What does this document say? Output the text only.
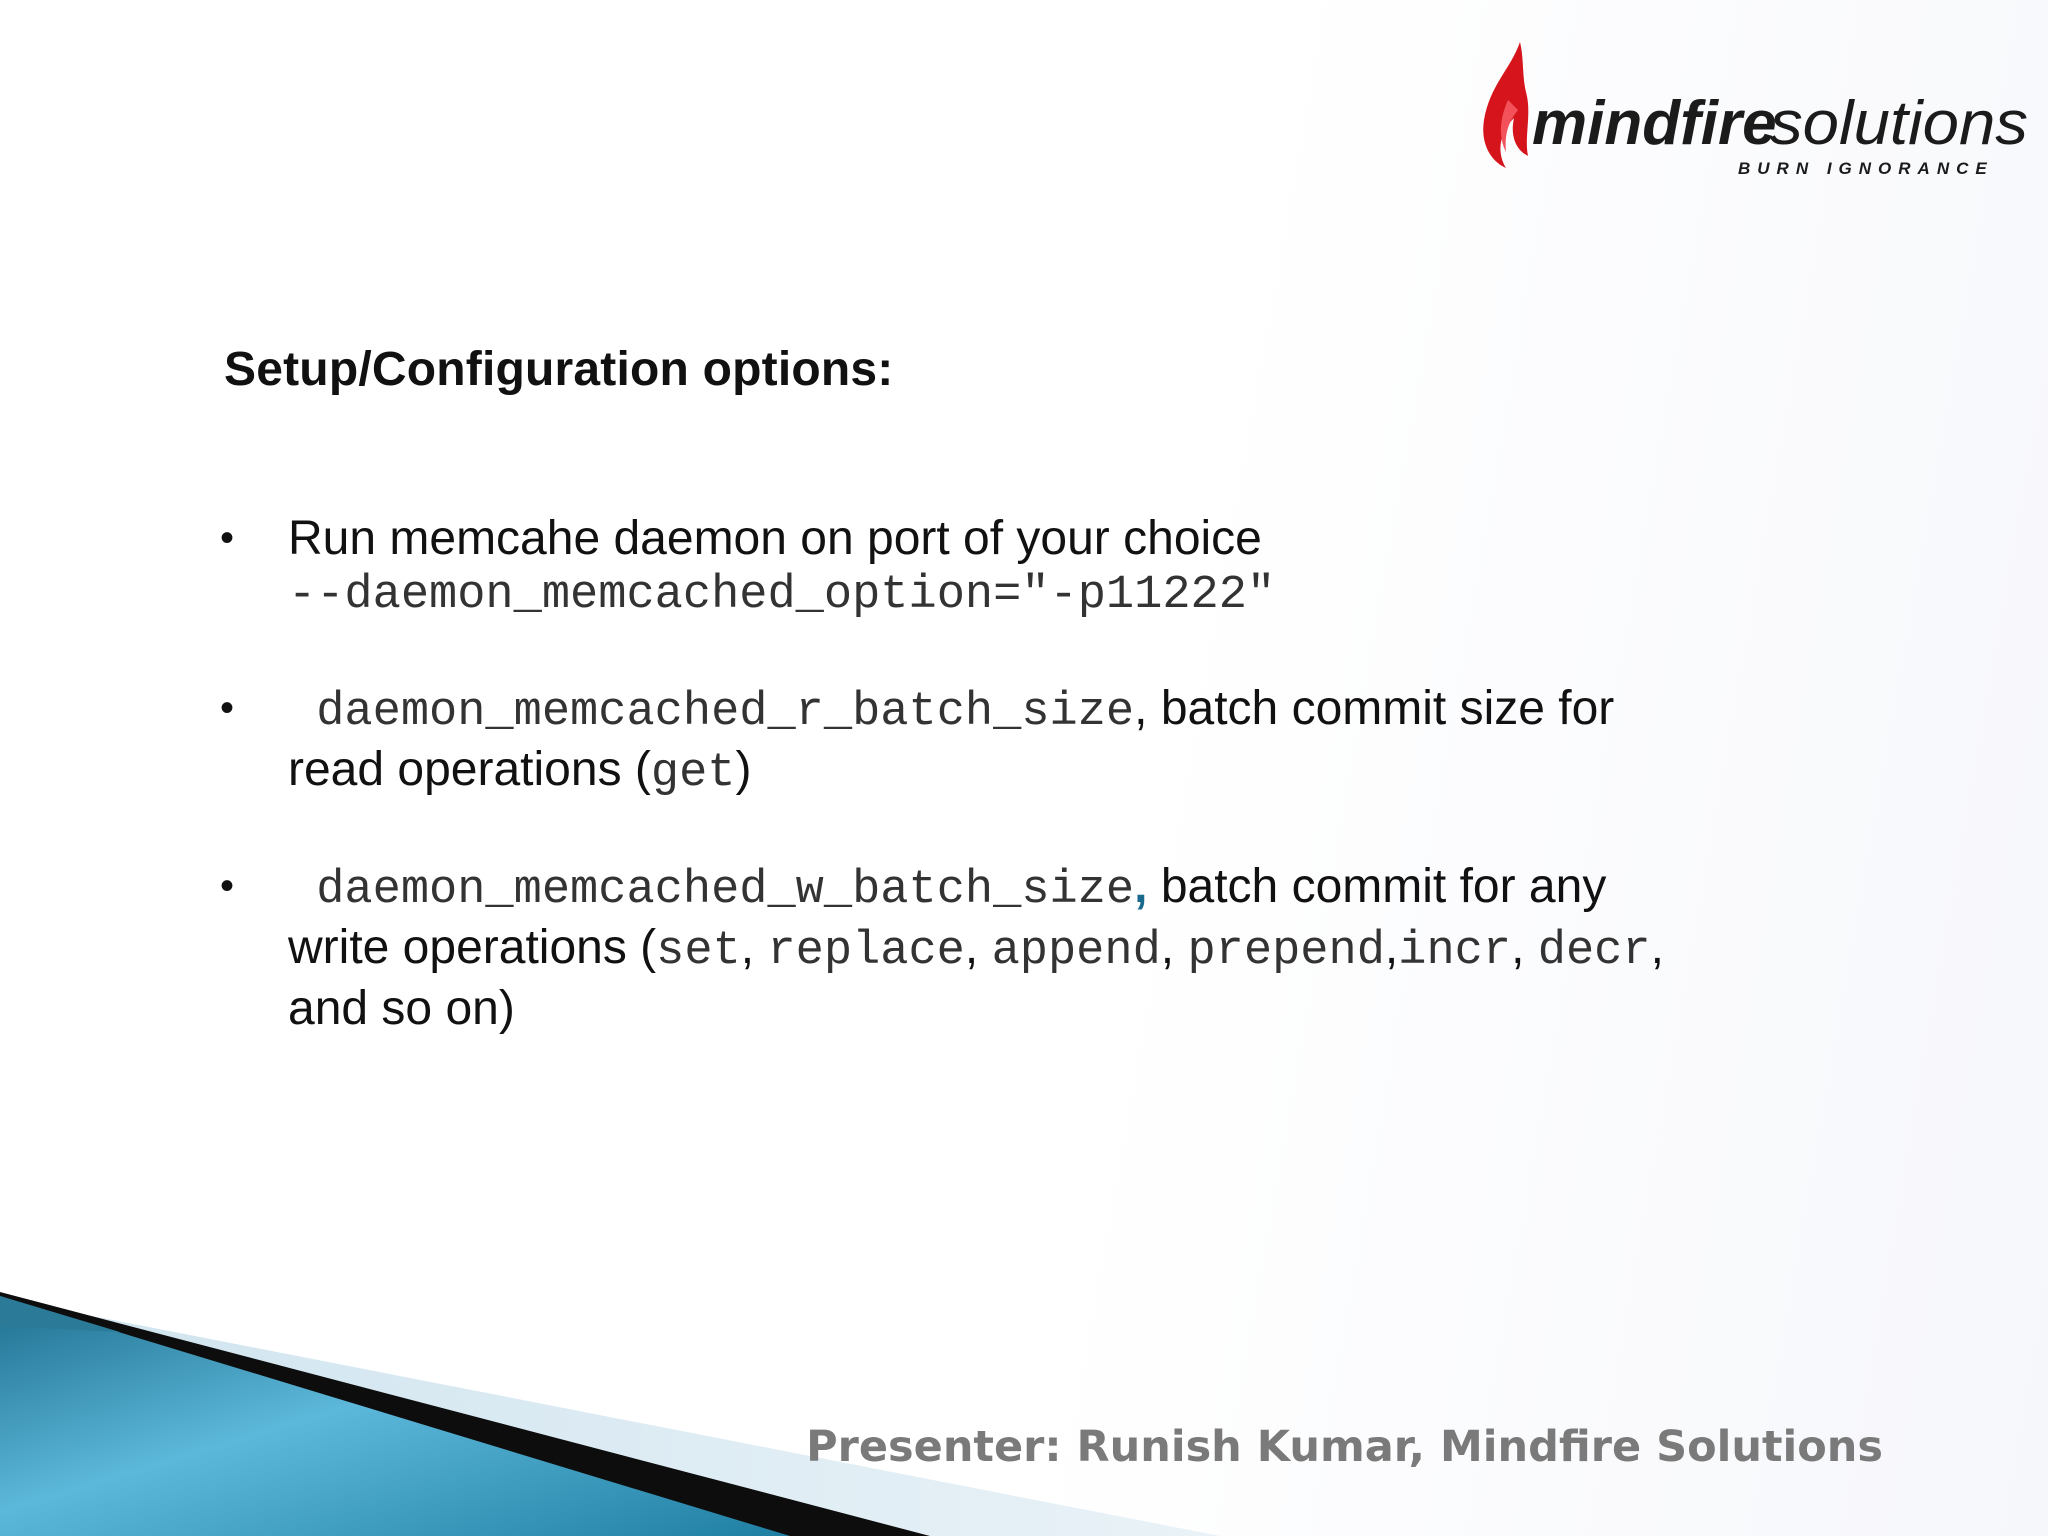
mindfire
solutions
BURN IGNORANCE
Setup/Configuration options:
• Run memcahe daemon on port of your choice
--daemon_memcached_option="-p11222"
• daemon_memcached_r_batch_size, batch commit size for
read operations (get)
• daemon_memcached_w_batch_size, batch commit for any
write operations (set, replace, append, prepend,incr, decr,
and so on)
Presenter: Runish Kumar, Mindfire Solutions
